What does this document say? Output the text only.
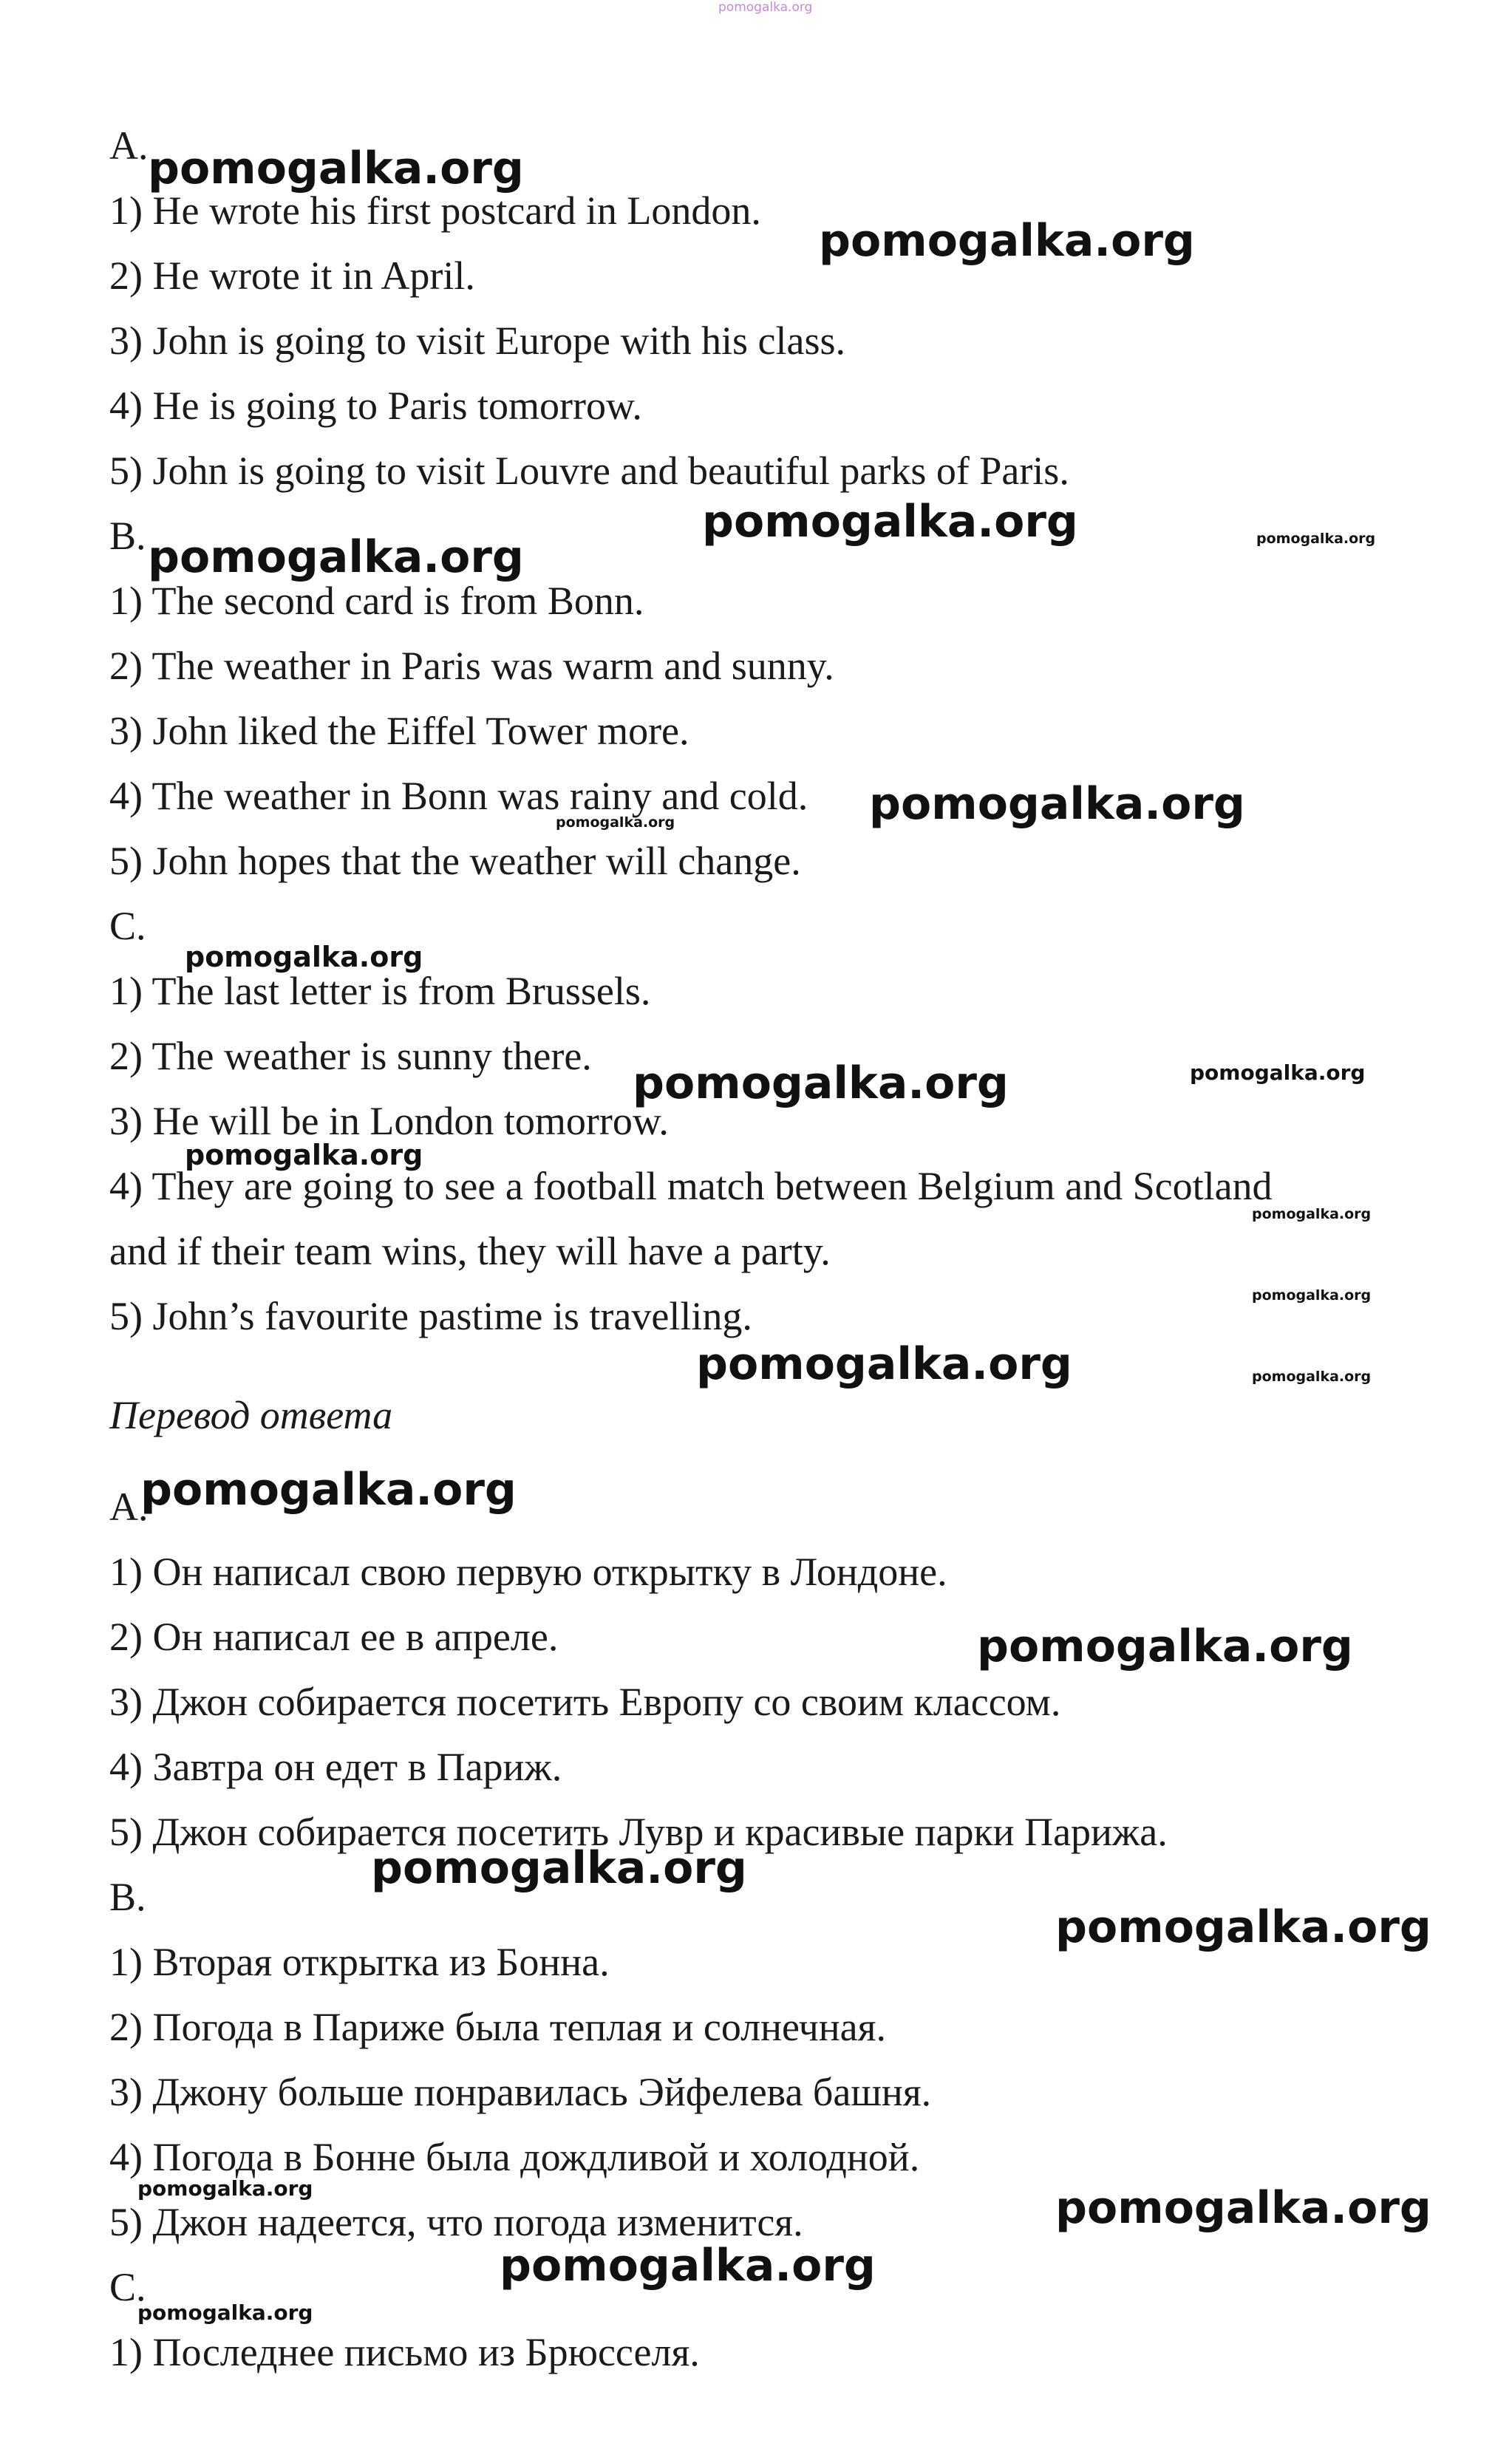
pomogalka.org
A.
1) He wrote his first postcard in London.
2) He wrote it in April.
3) John is going to visit Europe with his class.
4) He is going to Paris tomorrow.
5) John is going to visit Louvre and beautiful parks of Paris.
B.
1) The second card is from Bonn.
2) The weather in Paris was warm and sunny.
3) John liked the Eiffel Tower more.
4) The weather in Bonn was rainy and cold.
5) John hopes that the weather will change.
C.
1) The last letter is from Brussels.
2) The weather is sunny there.
3) He will be in London tomorrow.
4) They are going to see a football match between Belgium and Scotland
and if their team wins, they will have a party.
5) John’s favourite pastime is travelling.
Перевод ответа
A.
1) Он написал свою первую открытку в Лондоне.
2) Он написал ее в апреле.
3) Джон собирается посетить Европу со своим классом.
4) Завтра он едет в Париж.
5) Джон собирается посетить Лувр и красивые парки Парижа.
B.
1) Вторая открытка из Бонна.
2) Погода в Париже была теплая и солнечная.
3) Джону больше понравилась Эйфелева башня.
4) Погода в Бонне была дождливой и холодной.
5) Джон надеется, что погода изменится.
C.
1) Последнее письмо из Брюсселя.
pomogalka.org
pomogalka.org
pomogalka.org	pomogalka.org
pomogalka.org
pomogalka.org
pomogalka.org
pomogalka.org
pomogalka.org	pomogalka.org
pomogalka.org
pomogalka.org
pomogalka.org
pomogalka.org	pomogalka.org
pomogalka.org
pomogalka.org
pomogalka.org
pomogalka.org
pomogalka.org	pomogalka.org
pomogalka.org
pomogalka.org
